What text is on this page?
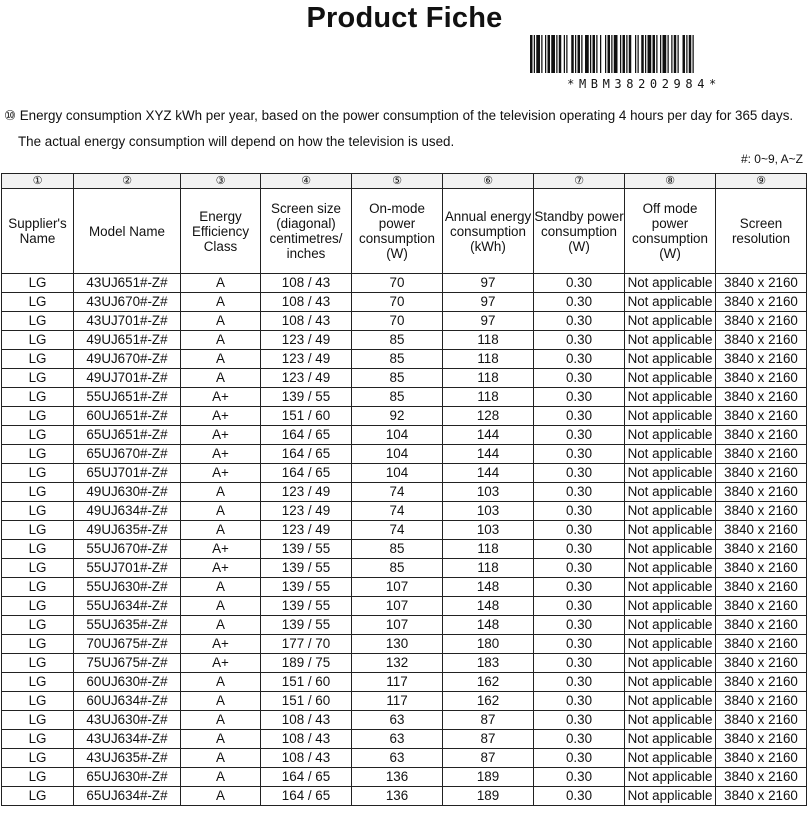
Product Fiche
*MBM38202984*
⑩ Energy consumption XYZ kWh per year, based on the power consumption of the television operating 4 hours per day for 365 days.
The actual energy consumption will depend on how the television is used.
#: 0~9, A~Z
①	②	③	④	⑤	⑥	⑦	⑧	⑨
Supplier's Name	Model Name	Energy Efficiency Class	Screen size (diagonal) centimetres/ inches	On-mode power consumption (W)	Annual energy consumption (kWh)	Standby power consumption (W)	Off mode power consumption (W)	Screen resolution
LG	43UJ651#-Z#	A	108 / 43	70	97	0.30	Not applicable	3840 x 2160
LG	43UJ670#-Z#	A	108 / 43	70	97	0.30	Not applicable	3840 x 2160
LG	43UJ701#-Z#	A	108 / 43	70	97	0.30	Not applicable	3840 x 2160
LG	49UJ651#-Z#	A	123 / 49	85	118	0.30	Not applicable	3840 x 2160
LG	49UJ670#-Z#	A	123 / 49	85	118	0.30	Not applicable	3840 x 2160
LG	49UJ701#-Z#	A	123 / 49	85	118	0.30	Not applicable	3840 x 2160
LG	55UJ651#-Z#	A+	139 / 55	85	118	0.30	Not applicable	3840 x 2160
LG	60UJ651#-Z#	A+	151 / 60	92	128	0.30	Not applicable	3840 x 2160
LG	65UJ651#-Z#	A+	164 / 65	104	144	0.30	Not applicable	3840 x 2160
LG	65UJ670#-Z#	A+	164 / 65	104	144	0.30	Not applicable	3840 x 2160
LG	65UJ701#-Z#	A+	164 / 65	104	144	0.30	Not applicable	3840 x 2160
LG	49UJ630#-Z#	A	123 / 49	74	103	0.30	Not applicable	3840 x 2160
LG	49UJ634#-Z#	A	123 / 49	74	103	0.30	Not applicable	3840 x 2160
LG	49UJ635#-Z#	A	123 / 49	74	103	0.30	Not applicable	3840 x 2160
LG	55UJ670#-Z#	A+	139 / 55	85	118	0.30	Not applicable	3840 x 2160
LG	55UJ701#-Z#	A+	139 / 55	85	118	0.30	Not applicable	3840 x 2160
LG	55UJ630#-Z#	A	139 / 55	107	148	0.30	Not applicable	3840 x 2160
LG	55UJ634#-Z#	A	139 / 55	107	148	0.30	Not applicable	3840 x 2160
LG	55UJ635#-Z#	A	139 / 55	107	148	0.30	Not applicable	3840 x 2160
LG	70UJ675#-Z#	A+	177 / 70	130	180	0.30	Not applicable	3840 x 2160
LG	75UJ675#-Z#	A+	189 / 75	132	183	0.30	Not applicable	3840 x 2160
LG	60UJ630#-Z#	A	151 / 60	117	162	0.30	Not applicable	3840 x 2160
LG	60UJ634#-Z#	A	151 / 60	117	162	0.30	Not applicable	3840 x 2160
LG	43UJ630#-Z#	A	108 / 43	63	87	0.30	Not applicable	3840 x 2160
LG	43UJ634#-Z#	A	108 / 43	63	87	0.30	Not applicable	3840 x 2160
LG	43UJ635#-Z#	A	108 / 43	63	87	0.30	Not applicable	3840 x 2160
LG	65UJ630#-Z#	A	164 / 65	136	189	0.30	Not applicable	3840 x 2160
LG	65UJ634#-Z#	A	164 / 65	136	189	0.30	Not applicable	3840 x 2160
